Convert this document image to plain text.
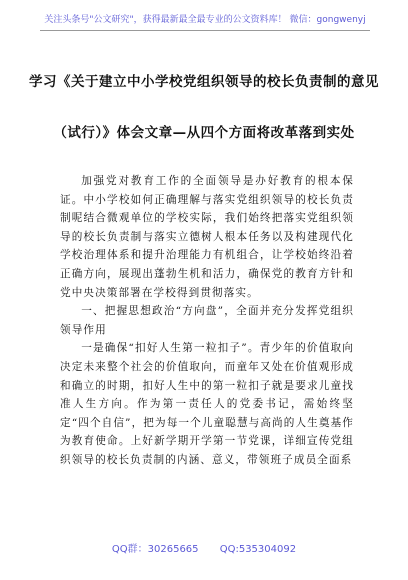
关注头条号"公文研究"，获得最新最全最专业的公文资料库！ 微信：gongwenyj
学习《关于建立中小学校党组织领导的校长负责制的意见
（试行）》体会文章—从四个方面将改革落到实处

加强党对教育工作的全面领导是办好教育的根本保证。中小学校如何正确理解与落实党组织领导的校长负责制呢结合微观单位的学校实际，我们始终把落实党组织领导的校长负责制与落实立德树人根本任务以及构建现代化学校治理体系和提升治理能力有机组合，让学校始终沿着正确方向，展现出蓬勃生机和活力，确保党的教育方针和党中央决策部署在学校得到贯彻落实。

一、把握思想政治“方向盘”，全面并充分发挥党组织领导作用

一是确保“扣好人生第一粒扣子”。青少年的价值取向决定未来整个社会的价值取向，而童年又处在价值观形成和确立的时期，扣好人生中的第一粒扣子就是要求儿童找准人生方向。作为第一责任人的党委书记，需始终坚定“四个自信”，把为每一个儿童聪慧与高尚的人生奠基作为教育使命。上好新学期开学第一节党课，详细宣传党组织领导的校长负责制的内涵、意义，带领班子成员全面系

QQ群：30265665 QQ:535304092
